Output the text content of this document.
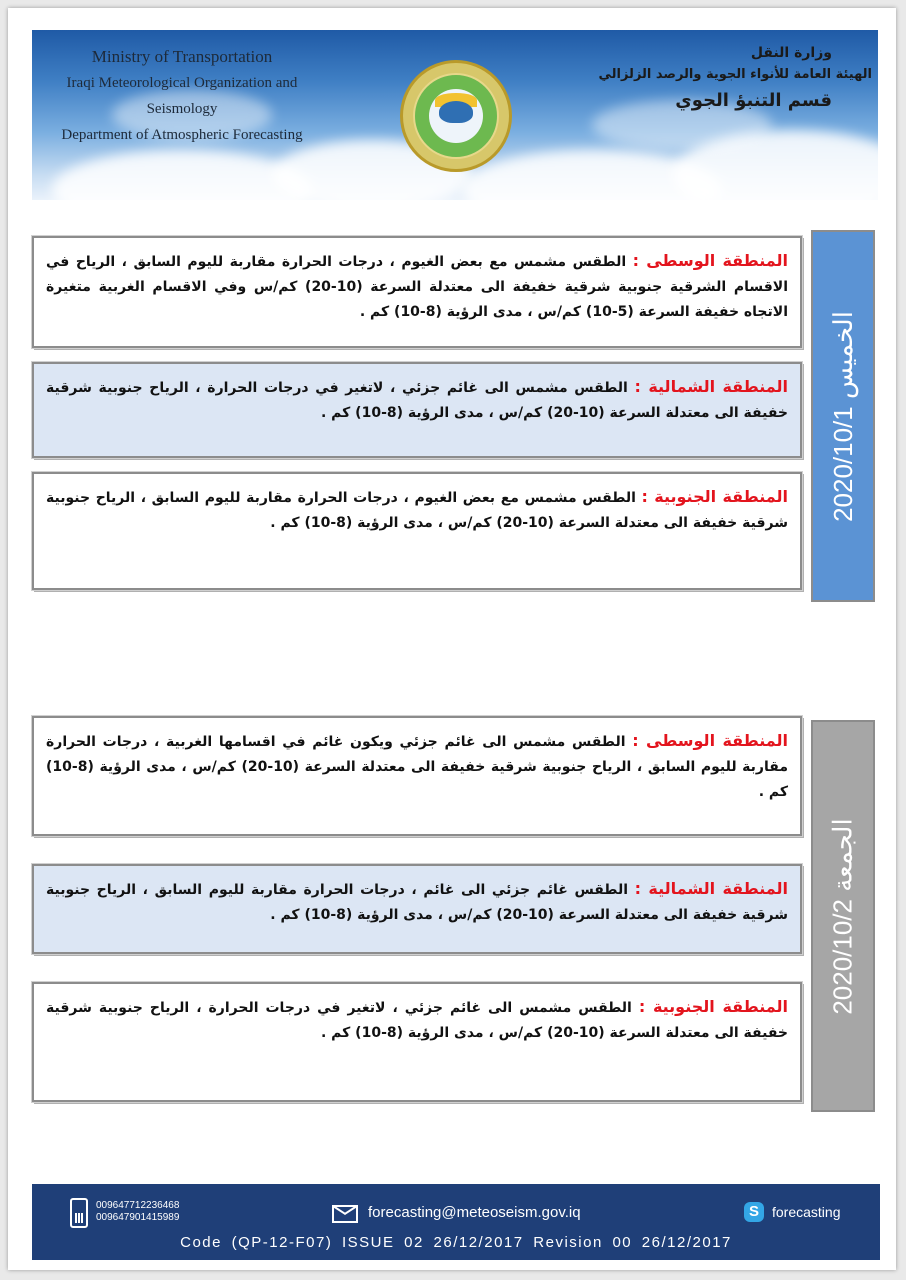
Ministry of Transportation
Iraqi Meteorological Organization and Seismology
Department of Atmospheric Forecasting
وزارة النقل
الهيئة العامة للأنواء الجوية والرصد الزلزالي
قسم التنبؤ الجوي
المنطقة الوسطى : الطقس مشمس مع بعض الغيوم ، درجات الحرارة مقاربة لليوم السابق ، الرياح في الاقسام الشرقية جنوبية شرقية خفيفة الى معتدلة السرعة (10-20) كم/س وفي الاقسام الغربية متغيرة الاتجاه خفيفة السرعة (5-10) كم/س ، مدى الرؤية (8-10) كم .
المنطقة الشمالية : الطقس مشمس الى غائم جزئي ، لاتغير في درجات الحرارة ، الرياح جنوبية شرقية خفيفة الى معتدلة السرعة (10-20) كم/س ، مدى الرؤية (8-10) كم .
المنطقة الجنوبية : الطقس مشمس مع بعض الغيوم ، درجات الحرارة مقاربة لليوم السابق ، الرياح جنوبية شرقية خفيفة الى معتدلة السرعة (10-20) كم/س ، مدى الرؤية (8-10) كم .
الخميس 2020/10/1
المنطقة الوسطى : الطقس مشمس الى غائم جزئي ويكون غائم في اقسامها الغربية ، درجات الحرارة مقاربة لليوم السابق ، الرياح جنوبية شرقية خفيفة الى معتدلة السرعة (10-20) كم/س ، مدى الرؤية (8-10) كم .
المنطقة الشمالية : الطقس غائم جزئي الى غائم ، درجات الحرارة مقاربة لليوم السابق ، الرياح جنوبية شرقية خفيفة الى معتدلة السرعة (10-20) كم/س ، مدى الرؤية (8-10) كم .
المنطقة الجنوبية : الطقس مشمس الى غائم جزئي ، لاتغير في درجات الحرارة ، الرياح جنوبية شرقية خفيفة الى معتدلة السرعة (10-20) كم/س ، مدى الرؤية (8-10) كم .
الجمعة 2020/10/2
009647712236468
009647901415989	forecasting@meteoseism.gov.iq	S forecasting
Code (QP-12-F07) ISSUE 02 26/12/2017 Revision 00 26/12/2017
